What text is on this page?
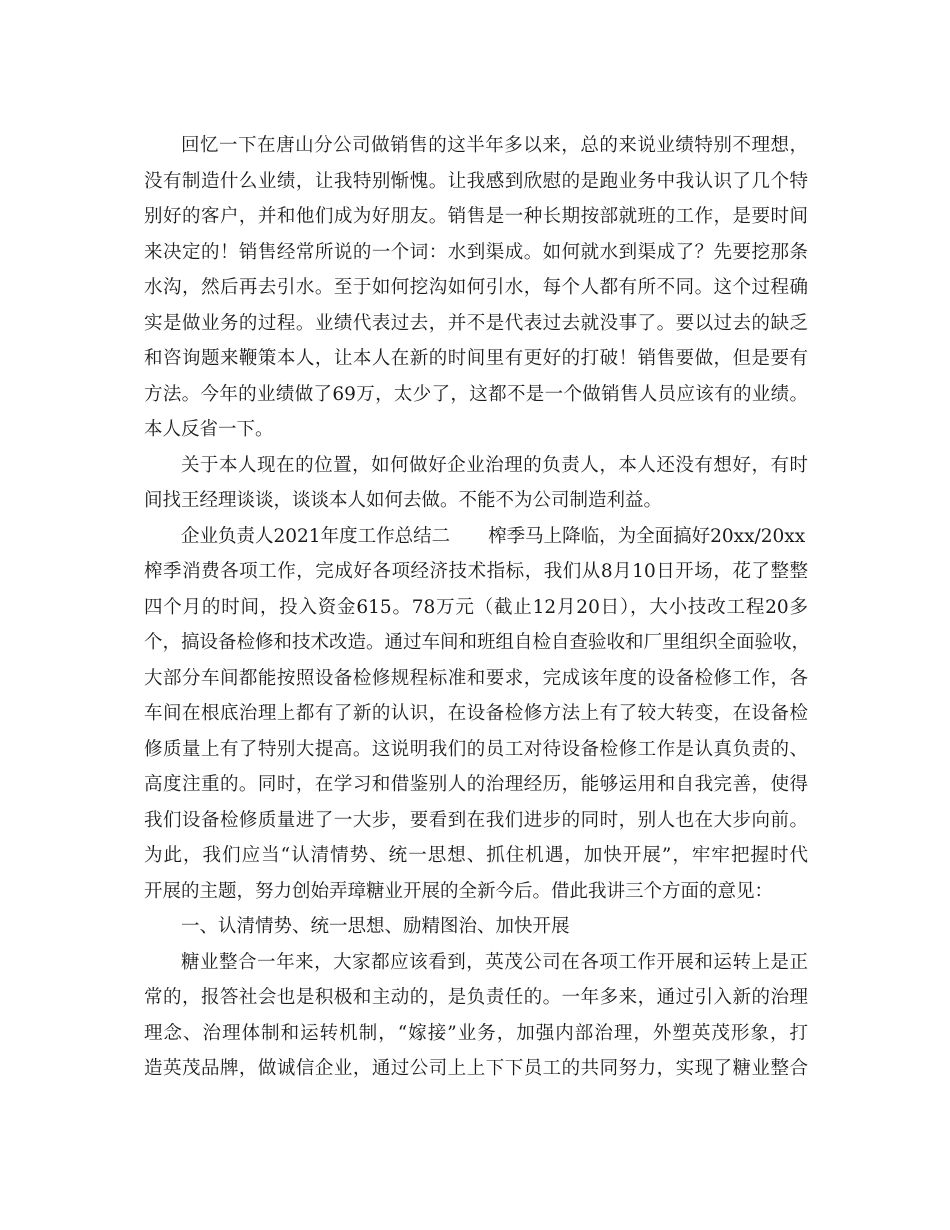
回忆一下在唐山分公司做销售的这半年多以来，总的来说业绩特别不理想，
没有制造什么业绩，让我特别惭愧。让我感到欣慰的是跑业务中我认识了几个特
别好的客户，并和他们成为好朋友。销售是一种长期按部就班的工作，是要时间
来决定的！销售经常所说的一个词：水到渠成。如何就水到渠成了？先要挖那条
水沟，然后再去引水。至于如何挖沟如何引水，每个人都有所不同。这个过程确
实是做业务的过程。业绩代表过去，并不是代表过去就没事了。要以过去的缺乏
和咨询题来鞭策本人，让本人在新的时间里有更好的打破！销售要做，但是要有
方法。今年的业绩做了69万，太少了，这都不是一个做销售人员应该有的业绩。
本人反省一下。
关于本人现在的位置，如何做好企业治理的负责人，本人还没有想好，有时
间找王经理谈谈，谈谈本人如何去做。不能不为公司制造利益。
企业负责人2021年度工作总结二 榨季马上降临，为全面搞好20xx/20xx
榨季消费各项工作，完成好各项经济技术指标，我们从8月10日开场，花了整整
四个月的时间，投入资金615。78万元（截止12月20日），大小技改工程20多
个，搞设备检修和技术改造。通过车间和班组自检自查验收和厂里组织全面验收，
大部分车间都能按照设备检修规程标准和要求，完成该年度的设备检修工作，各
车间在根底治理上都有了新的认识，在设备检修方法上有了较大转变，在设备检
修质量上有了特别大提高。这说明我们的员工对待设备检修工作是认真负责的、
高度注重的。同时，在学习和借鉴别人的治理经历，能够运用和自我完善，使得
我们设备检修质量进了一大步，要看到在我们进步的同时，别人也在大步向前。
为此，我们应当“认清情势、统一思想、抓住机遇，加快开展”，牢牢把握时代
开展的主题，努力创始弄璋糖业开展的全新今后。借此我讲三个方面的意见：
一、认清情势、统一思想、励精图治、加快开展
糖业整合一年来，大家都应该看到，英茂公司在各项工作开展和运转上是正
常的，报答社会也是积极和主动的，是负责任的。一年多来，通过引入新的治理
理念、治理体制和运转机制，“嫁接”业务，加强内部治理，外塑英茂形象，打
造英茂品牌，做诚信企业，通过公司上上下下员工的共同努力，实现了糖业整合
